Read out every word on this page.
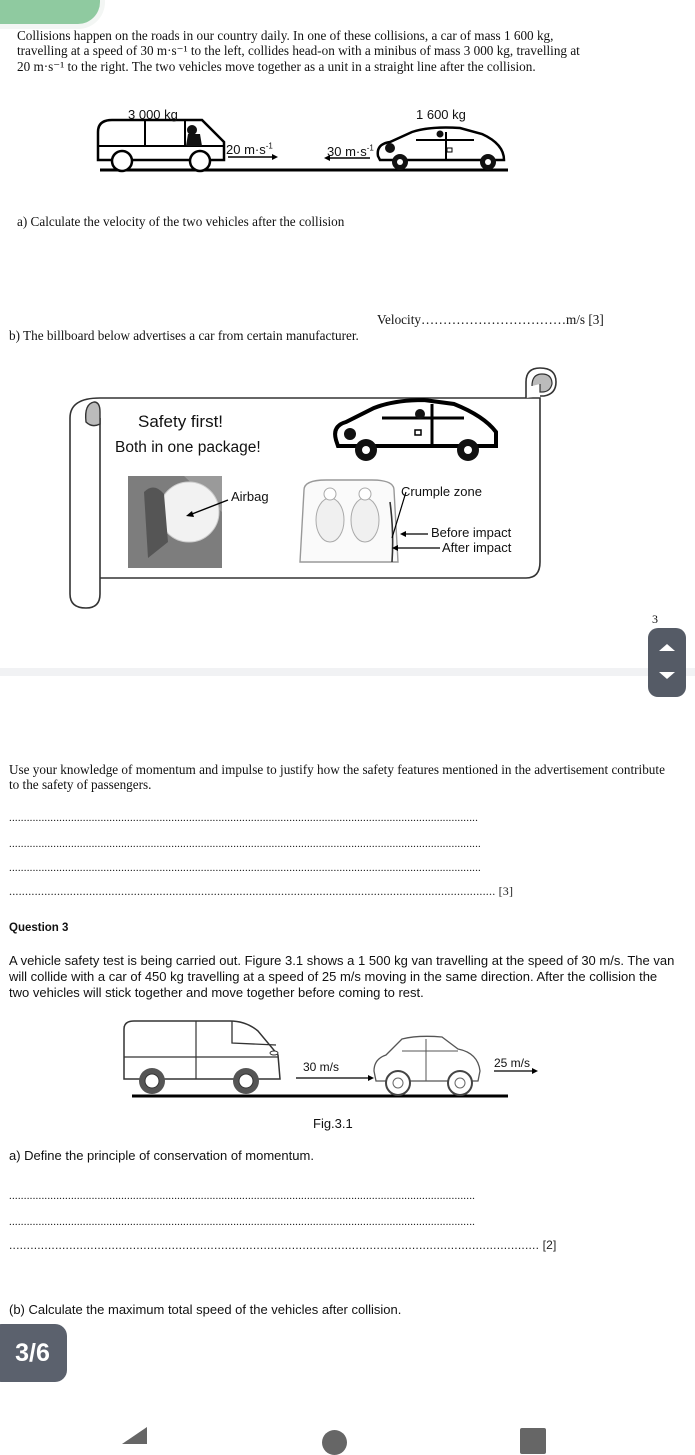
Collisions happen on the roads in our country daily. In one of these collisions, a car of mass 1 600 kg, travelling at a speed of 30 m·s⁻¹ to the left, collides head-on with a minibus of mass 3 000 kg, travelling at 20 m·s⁻¹ to the right. The two vehicles move together as a unit in a straight line after the collision.
3 000 kg	1 600 kg
20 $m\cdot s^{-1}$	30 $m\cdot s^{-1}$
a) Calculate the velocity of the two vehicles after the collision
Velocity……………………………m/s [3]
b) The billboard below advertises a car from certain manufacturer.
Safety first!
Both in one package!
Airbag	Crumple zone
Before impact
After impact
3
Use your knowledge of momentum and impulse to justify how the safety features mentioned in the advertisement contribute to the safety of passengers.
...............................................................................................................................................................
................................................................................................................................................................
................................................................................................................................................................
........................................................................................................................................................ [3]
Question 3
A vehicle safety test is being carried out. Figure 3.1 shows a 1 500 kg van travelling at the speed of 30 m/s. The van will collide with a car of 450 kg travelling at a speed of 25 m/s moving in the same direction. After the collision the two vehicles will stick together and move together before coming to rest.
30 m/s	25 m/s
Fig.3.1
a) Define the principle of conservation of momentum.
..............................................................................................................................................................
..............................................................................................................................................................
...................................................................................................................................................... [2]
(b) Calculate the maximum total speed of the vehicles after collision.
3/6
